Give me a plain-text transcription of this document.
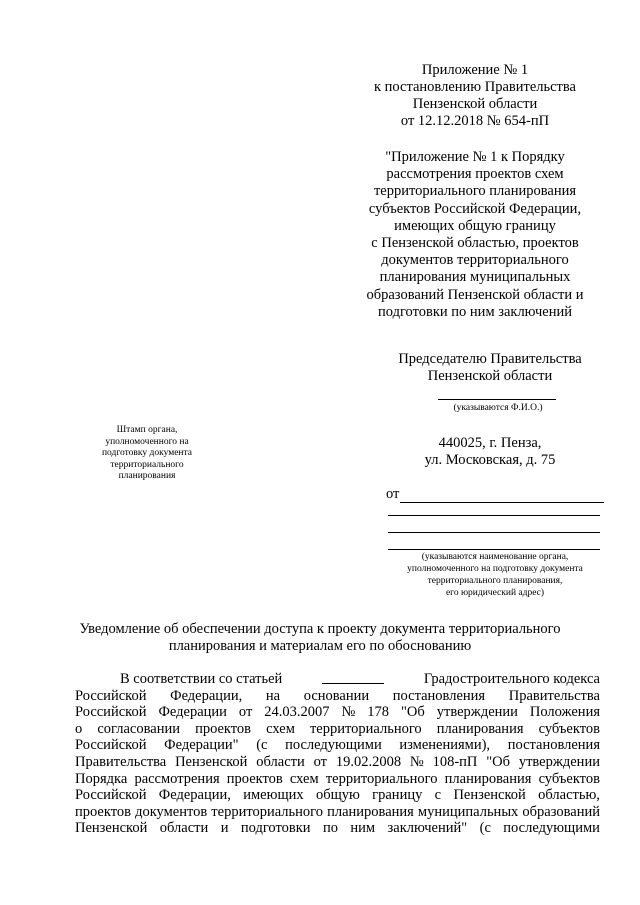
Приложение № 1
к постановлению Правительства
Пензенской области
от 12.12.2018 № 654-пП
"Приложение № 1 к Порядку
рассмотрения проектов схем
территориального планирования
субъектов Российской Федерации,
имеющих общую границу
с Пензенской областью, проектов
документов территориального
планирования муниципальных
образований Пензенской области и
подготовки по ним заключений
Председателю Правительства
Пензенской области
(указываются Ф.И.О.)
Штамп органа,
уполномоченного на
подготовку документа
территориального
планирования
440025, г. Пенза,
ул. Московская, д. 75
от
(указываются наименование органа,
уполномоченного на подготовку документа
территориального планирования,
его юридический адрес)
Уведомление об обеспечении доступа к проекту документа территориального
планирования и материалам его по обоснованию
В соответствии со статьей	Градостроительного кодекса
Российской Федерации, на основании постановления Правительства
Российской Федерации от 24.03.2007 № 178 "Об утверждении Положения
о согласовании проектов схем территориального планирования субъектов
Российской Федерации" (с последующими изменениями), постановления
Правительства Пензенской области от 19.02.2008 № 108-пП "Об утверждении
Порядка рассмотрения проектов схем территориального планирования субъектов
Российской Федерации, имеющих общую границу с Пензенской областью,
проектов документов территориального планирования муниципальных образований
Пензенской области и подготовки по ним заключений" (с последующими
